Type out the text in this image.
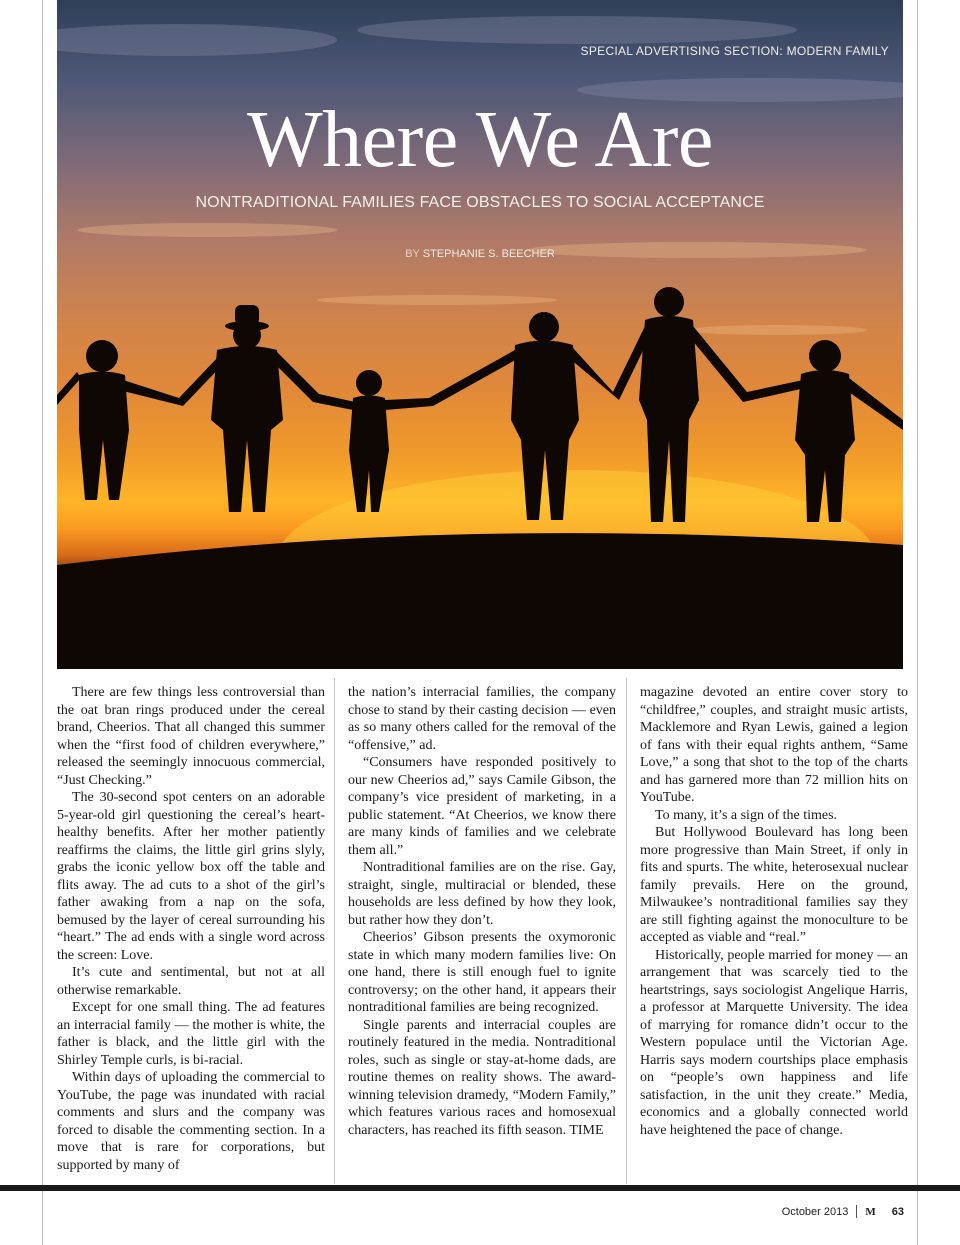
SPECIAL ADVERTISING SECTION: MODERN FAMILY
Where We Are
NONTRADITIONAL FAMILIES FACE OBSTACLES TO SOCIAL ACCEPTANCE
BY STEPHANIE S. BEECHER

There are few things less controversial than the oat bran rings produced under the cereal brand, Cheerios. That all changed this summer when the “first food of children everywhere,” released the seemingly innocuous commercial, “Just Checking.”

The 30-second spot centers on an adorable 5-year-old girl questioning the cereal’s heart-healthy benefits. After her mother patiently reaffirms the claims, the little girl grins slyly, grabs the iconic yellow box off the table and flits away. The ad cuts to a shot of the girl’s father awaking from a nap on the sofa, bemused by the layer of cereal surrounding his “heart.” The ad ends with a single word across the screen: Love.

It’s cute and sentimental, but not at all otherwise remarkable.

Except for one small thing. The ad features an interracial family — the mother is white, the father is black, and the little girl with the Shirley Temple curls, is bi-racial.

Within days of uploading the commercial to YouTube, the page was inundated with racial comments and slurs and the company was forced to disable the commenting section. In a move that is rare for corporations, but supported by many of

the nation’s interracial families, the company chose to stand by their casting decision — even as so many others called for the removal of the “offensive,” ad.

“Consumers have responded positively to our new Cheerios ad,” says Camile Gibson, the company’s vice president of marketing, in a public statement. “At Cheerios, we know there are many kinds of families and we celebrate them all.”

Nontraditional families are on the rise. Gay, straight, single, multiracial or blended, these households are less defined by how they look, but rather how they don’t.

Cheerios’ Gibson presents the oxymoronic state in which many modern families live: On one hand, there is still enough fuel to ignite controversy; on the other hand, it appears their nontraditional families are being recognized.

Single parents and interracial couples are routinely featured in the media. Nontraditional roles, such as single or stay-at-home dads, are routine themes on reality shows. The award-winning television dramedy, “Modern Family,” which features various races and homosexual characters, has reached its fifth season. TIME

magazine devoted an entire cover story to “childfree,” couples, and straight music artists, Macklemore and Ryan Lewis, gained a legion of fans with their equal rights anthem, “Same Love,” a song that shot to the top of the charts and has garnered more than 72 million hits on YouTube.

To many, it’s a sign of the times.

But Hollywood Boulevard has long been more progressive than Main Street, if only in fits and spurts. The white, heterosexual nuclear family prevails. Here on the ground, Milwaukee’s nontraditional families say they are still fighting against the monoculture to be accepted as viable and “real.”

Historically, people married for money — an arrangement that was scarcely tied to the heartstrings, says sociologist Angelique Harris, a professor at Marquette University. The idea of marrying for romance didn’t occur to the Western populace until the Victorian Age. Harris says modern courtships place emphasis on “people’s own happiness and life satisfaction, in the unit they create.” Media, economics and a globally connected world have heightened the pace of change.

October 2013 M 63
